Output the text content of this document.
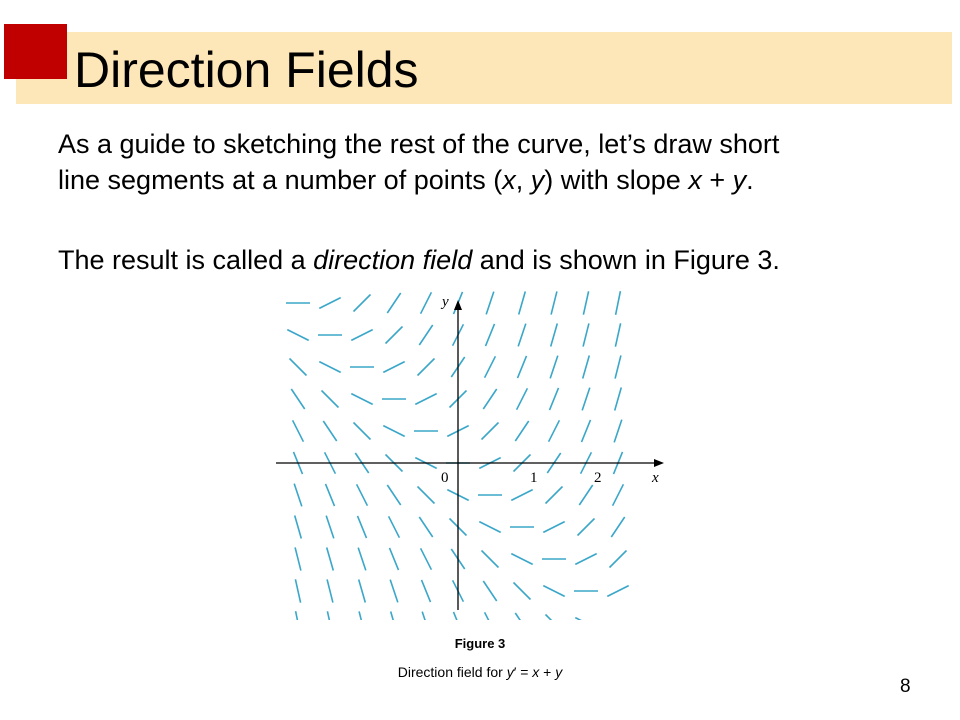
Direction Fields
As a guide to sketching the rest of the curve, let’s draw short
line segments at a number of points (x, y) with slope x + y.
The result is called a direction field and is shown in Figure 3.
x
y
0	1	2
Figure 3
Direction field for y′ = x + y
8
